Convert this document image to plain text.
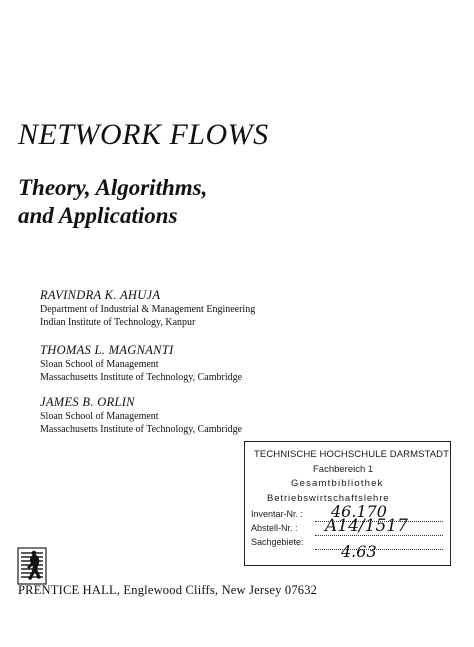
NETWORK FLOWS
Theory, Algorithms,
and Applications
RAVINDRA K. AHUJA
Department of Industrial & Management Engineering
Indian Institute of Technology, Kanpur
THOMAS L. MAGNANTI
Sloan School of Management
Massachusetts Institute of Technology, Cambridge
JAMES B. ORLIN
Sloan School of Management
Massachusetts Institute of Technology, Cambridge
TECHNISCHE HOCHSCHULE DARMSTADT
Fachbereich 1
Gesamtbibliothek
Betriebswirtschaftslehre
Inventar-Nr. : 46.170
Abstell-Nr. : A14/1517
Sachgebiete: 4.63
PRENTICE HALL, Englewood Cliffs, New Jersey 07632
